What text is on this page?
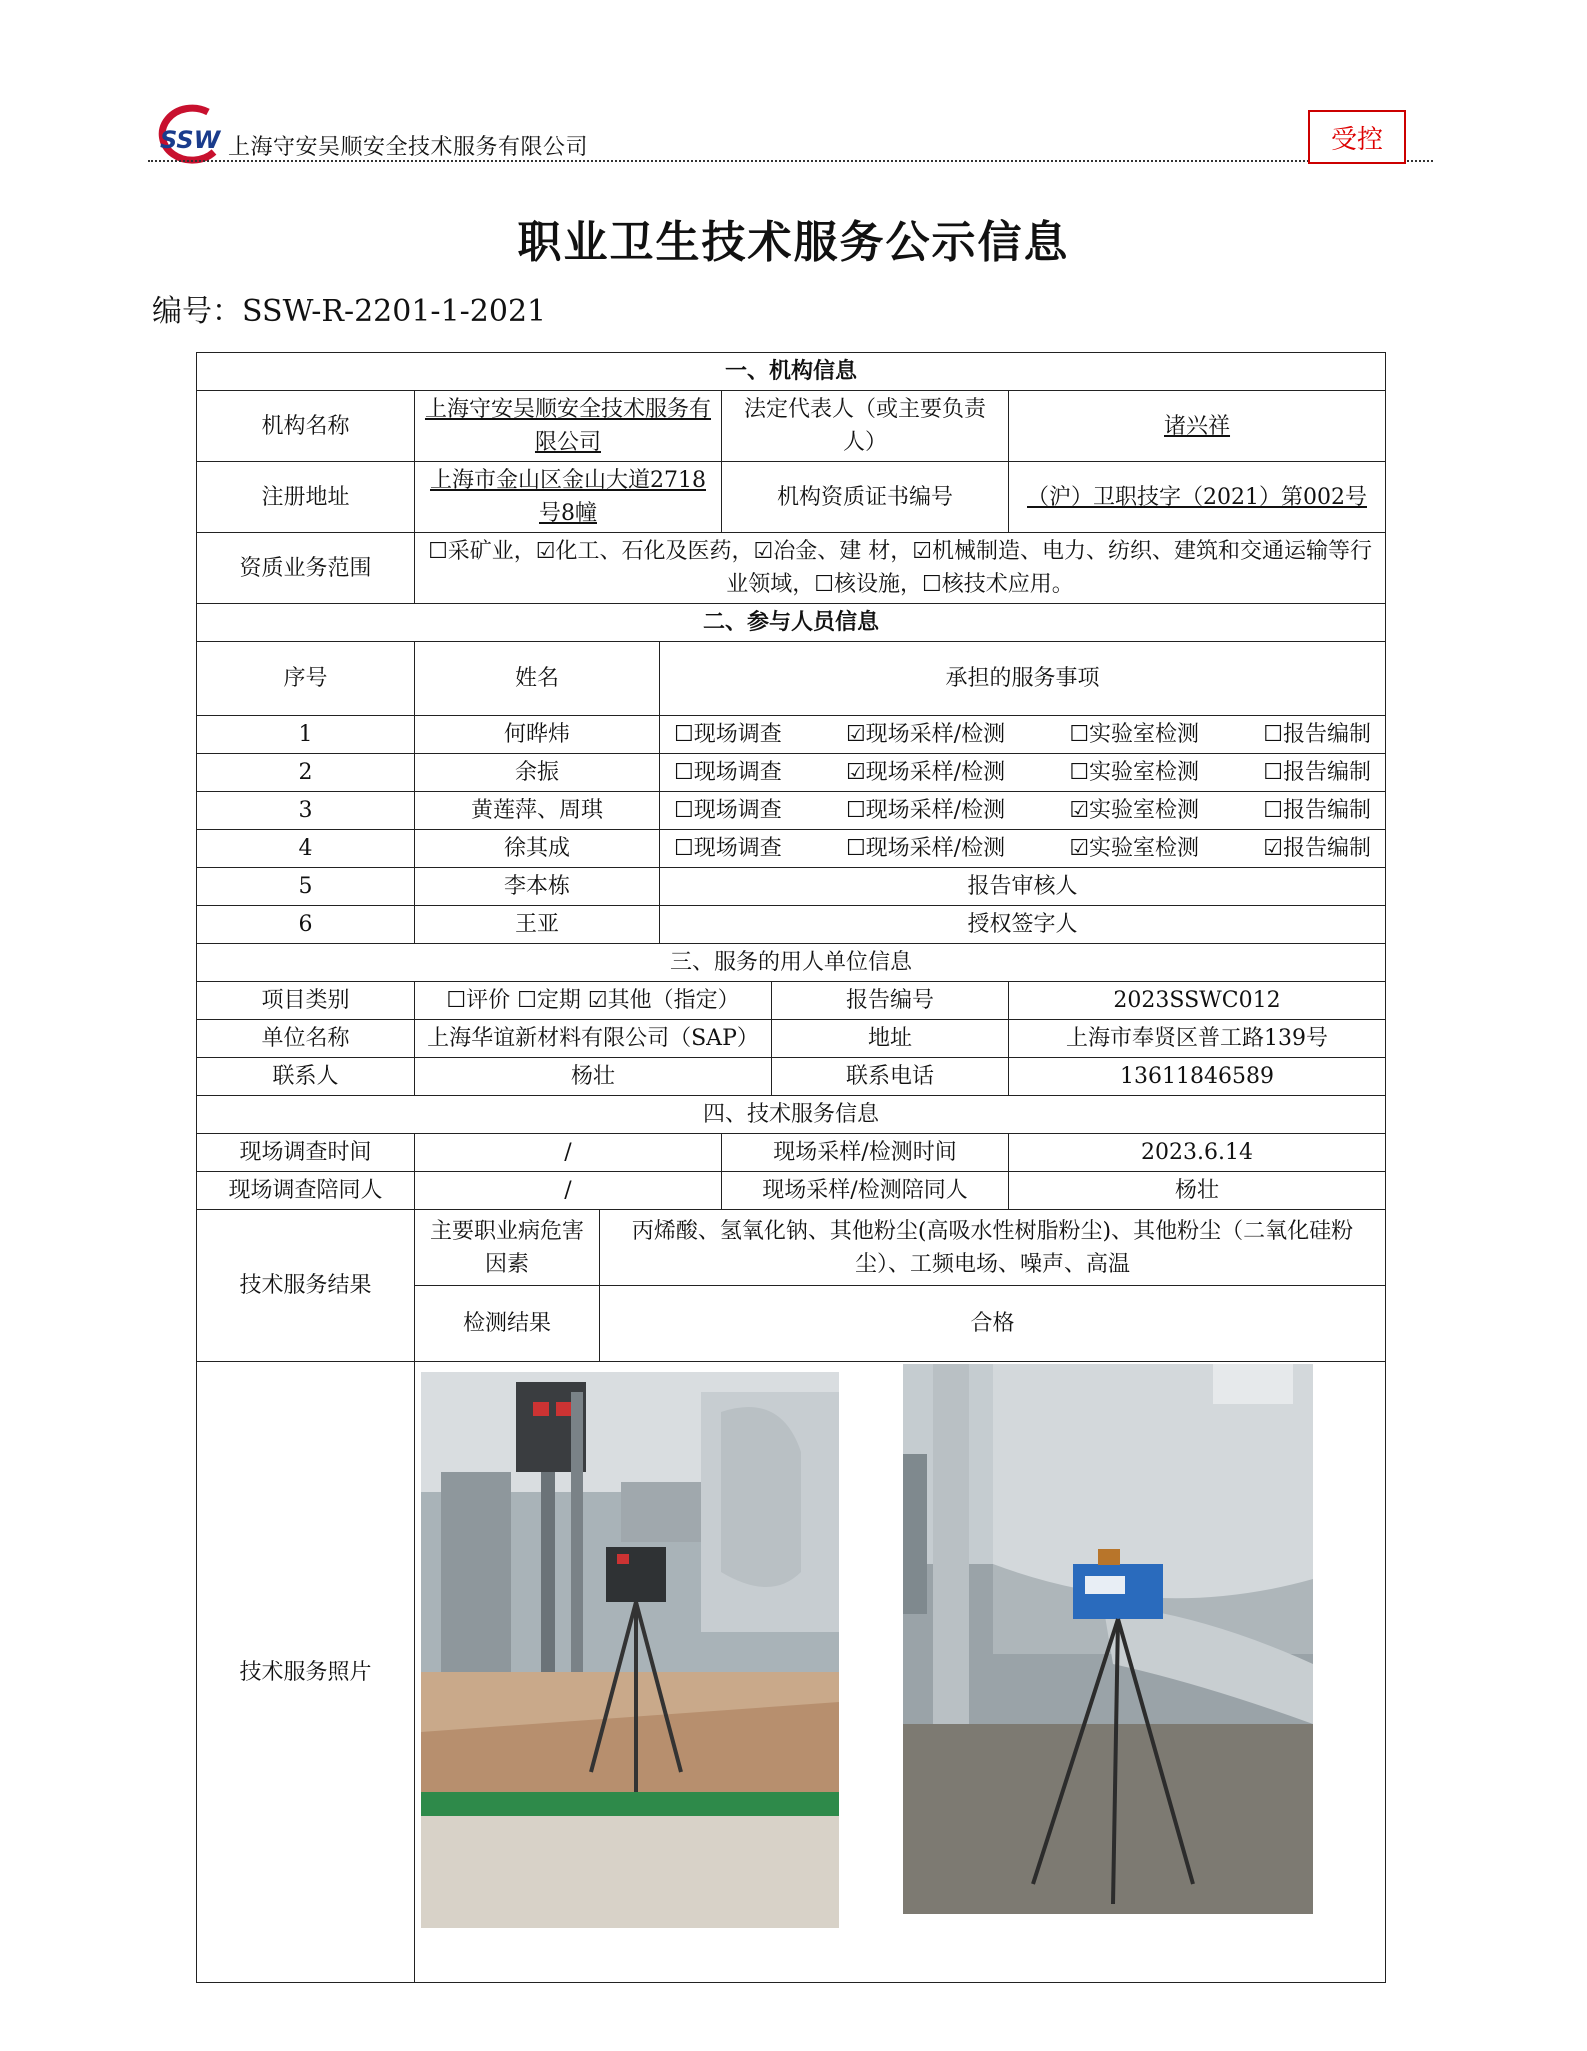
SSW 上海守安吴顺安全技术服务有限公司	受控
职业卫生技术服务公示信息
编号：SSW-R-2201-1-2021
一、机构信息						
机构名称	上海守安吴顺安全技术服务有限公司			法定代表人（或主要负责人）		诸兴祥
注册地址	上海市金山区金山大道2718号8幢			机构资质证书编号		（沪）卫职技字（2021）第002号
资质业务范围	☐采矿业，☑化工、石化及医药，☑冶金、建 材，☑机械制造、电力、纺织、建筑和交通运输等行业领域，☐核设施，☐核技术应用。					
二、参与人员信息						
序号	姓名		承担的服务事项			
1	何晔炜		☐现场调查 ☑现场采样/检测 ☐实验室检测 ☐报告编制			

2	余振		☐现场调查 ☑现场采样/检测 ☐实验室检测 ☐报告编制			

3	黄莲萍、周琪		☐现场调查 ☐现场采样/检测 ☑实验室检测 ☐报告编制			

4	徐其成		☐现场调查 ☐现场采样/检测 ☑实验室检测 ☑报告编制			

5	李本栋		报告审核人			
6	王亚		授权签字人			
三、服务的用人单位信息						
项目类别	☐评价 ☐定期 ☑其他（指定）				报告编号	2023SSWC012
单位名称	上海华谊新材料有限公司（SAP）				地址	上海市奉贤区普工路139号
联系人	杨壮				联系电话	13611846589
四、技术服务信息						
现场调查时间	/			现场采样/检测时间		2023.6.14
现场调查陪同人	/			现场采样/检测陪同人		杨壮
技术服务结果	主要职业病危害因素	丙烯酸、氢氧化钠、其他粉尘(高吸水性树脂粉尘)、其他粉尘（二氧化硅粉尘）、工频电场、噪声、高温				
	检测结果	合格				
技术服务照片	
